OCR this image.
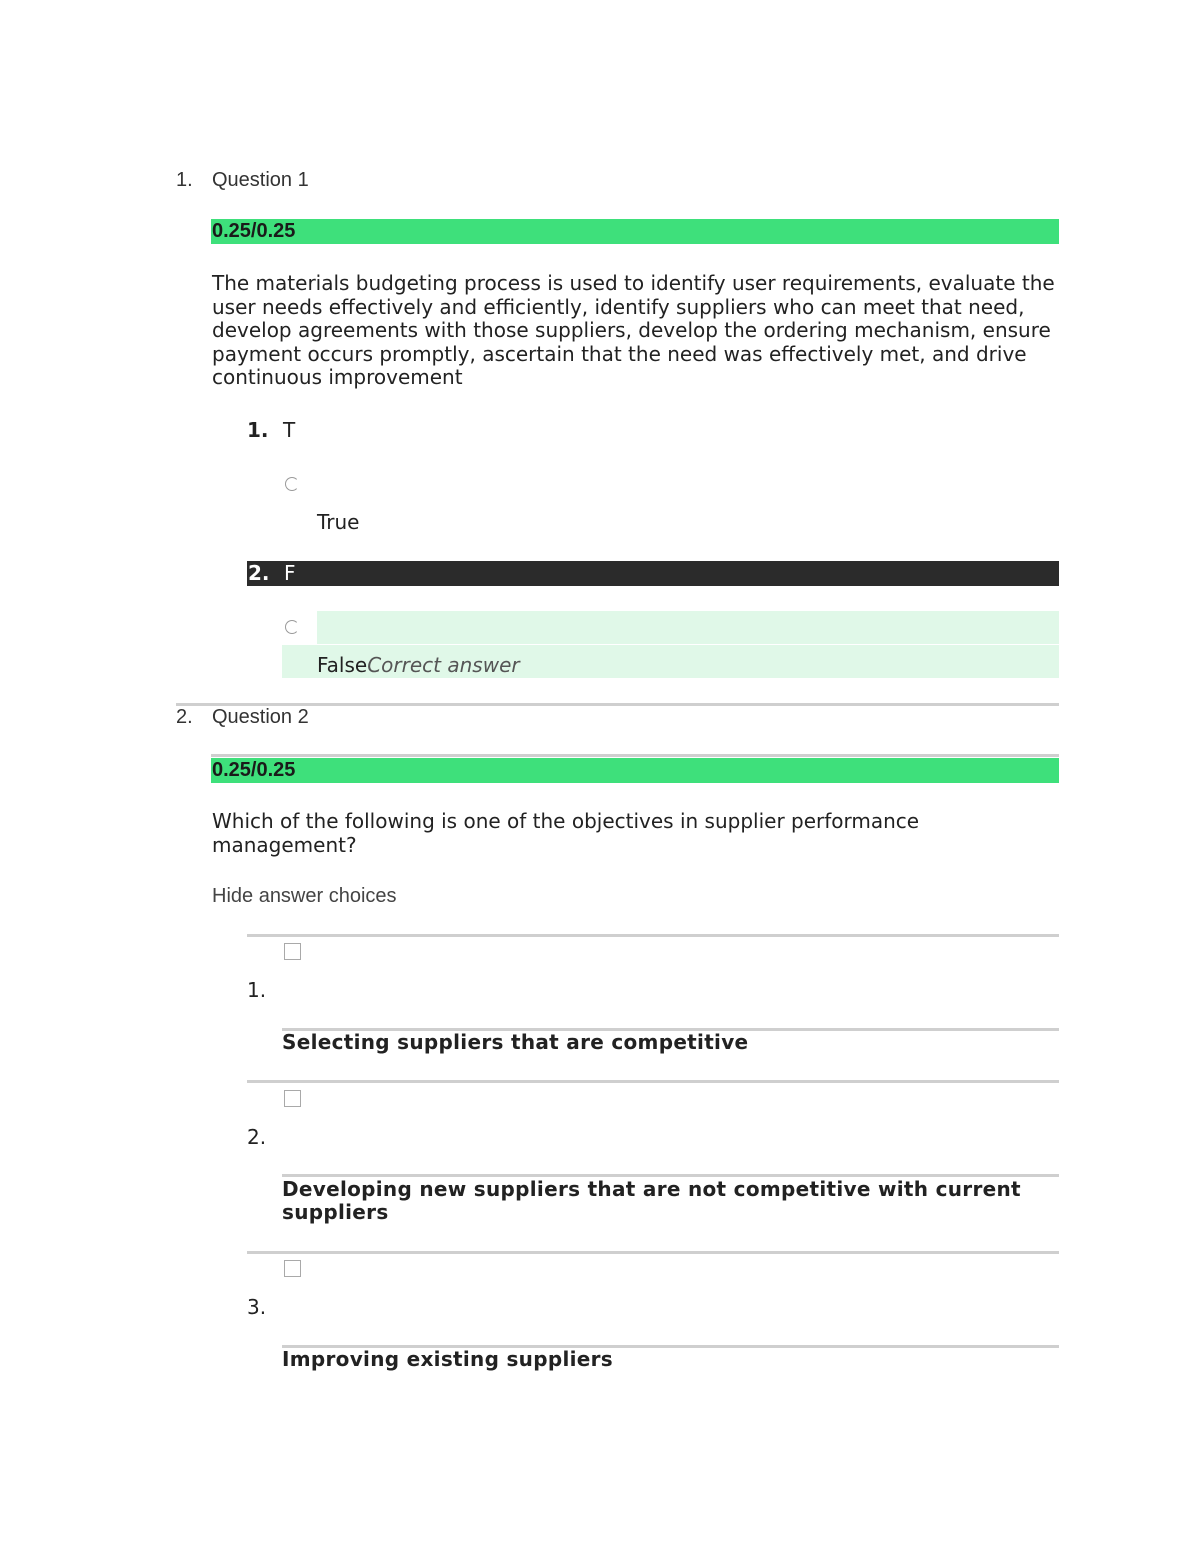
1. Question 1
0.25/0.25
The materials budgeting process is used to identify user requirements, evaluate the user needs effectively and efficiently, identify suppliers who can meet that need, develop agreements with those suppliers, develop the ordering mechanism, ensure payment occurs promptly, ascertain that the need was effectively met, and drive continuous improvement
1. T
True
2. F
FalseCorrect answer
2. Question 2
0.25/0.25
Which of the following is one of the objectives in supplier performance management?
Hide answer choices
1.
Selecting suppliers that are competitive
2.
Developing new suppliers that are not competitive with current suppliers
3.
Improving existing suppliers
